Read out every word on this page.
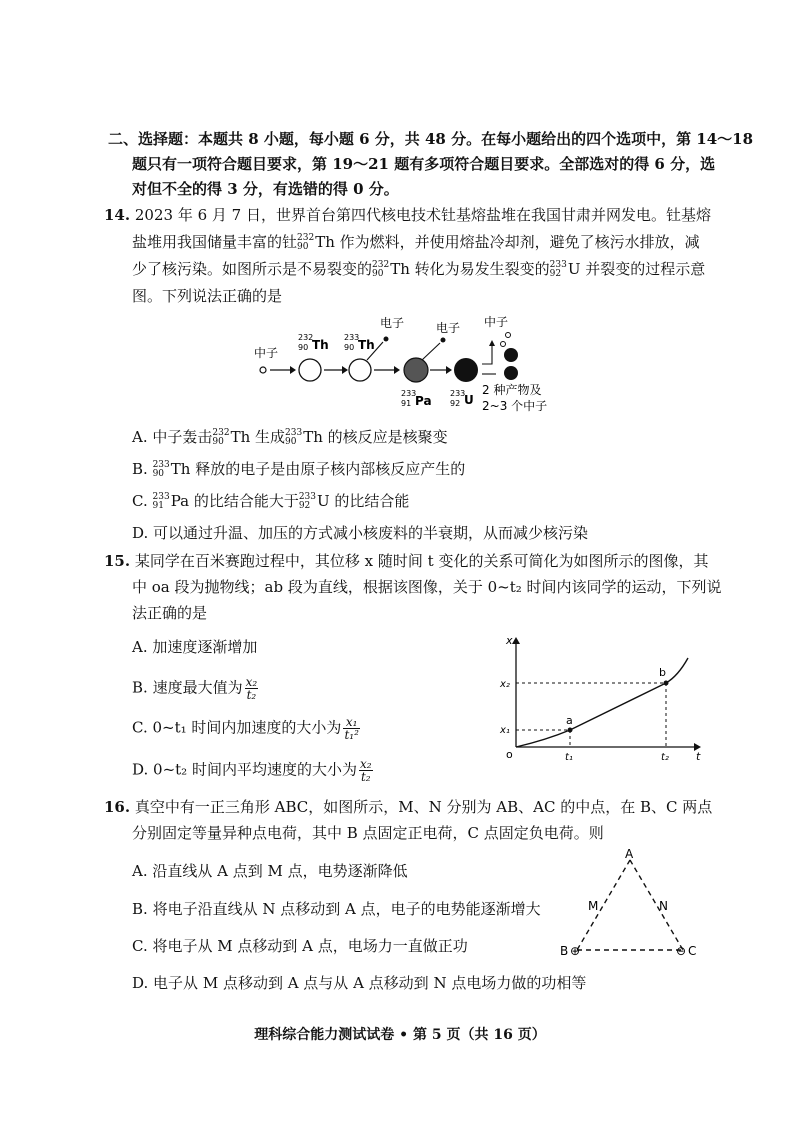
二、选择题：本题共 8 小题，每小题 6 分，共 48 分。在每小题给出的四个选项中，第 14～18
题只有一项符合题目要求，第 19～21 题有多项符合题目要求。全部选对的得 6 分，选
对但不全的得 3 分，有选错的得 0 分。
14. 2023 年 6 月 7 日，世界首台第四代核电技术钍基熔盐堆在我国甘肃并网发电。钍基熔
盐堆用我国储量丰富的钍 232
90 Th 作为燃料，并使用熔盐冷却剂，避免了核污水排放，减
少了核污染。如图所示是不易裂变的 232
90 Th 转化为易发生裂变的 233
92 U 并裂变的过程示意
图。下列说法正确的是
中子
232
90 Th
233
90 Th
电子
233
91 Pa
电子
233
92 U
中子
2 种产物及
2~3 个中子
A. 中子轰击 232
90 Th 生成 233
90 Th 的核反应是核聚变
B. 233
90 Th 释放的电子是由原子核内部核反应产生的
C. 233
91 Pa 的比结合能大于 233
92 U 的比结合能
D. 可以通过升温、加压的方式减小核废料的半衰期，从而减少核污染
15. 某同学在百米赛跑过程中，其位移 x 随时间 t 变化的关系可简化为如图所示的图像，其
中 oa 段为抛物线；ab 段为直线，根据该图像，关于 0~t₂ 时间内该同学的运动，下列说
法正确的是
A. 加速度逐渐增加
B. 速度最大值为 $\frac{\text{x₂}}{\text{t₂}}$
C. 0~t₁ 时间内加速度的大小为 $\frac{\text{x₁}}{\text{t₁²}}$
D. 0~t₂ 时间内平均速度的大小为 $\frac{\text{x₂}}{\text{t₂}}$
x
t
o
x₁
x₂
t₁	t₂
a
b
16. 真空中有一正三角形 ABC，如图所示，M、N 分别为 AB、AC 的中点，在 B、C 两点
分别固定等量异种点电荷，其中 B 点固定正电荷，C 点固定负电荷。则
A. 沿直线从 A 点到 M 点，电势逐渐降低
B. 将电子沿直线从 N 点移动到 A 点，电子的电势能逐渐增大
C. 将电子从 M 点移动到 A 点，电场力一直做正功
D. 电子从 M 点移动到 A 点与从 A 点移动到 N 点电场力做的功相等
A
M	N
B ⊕	⊖ C
理科综合能力测试试卷 • 第 5 页（共 16 页）
